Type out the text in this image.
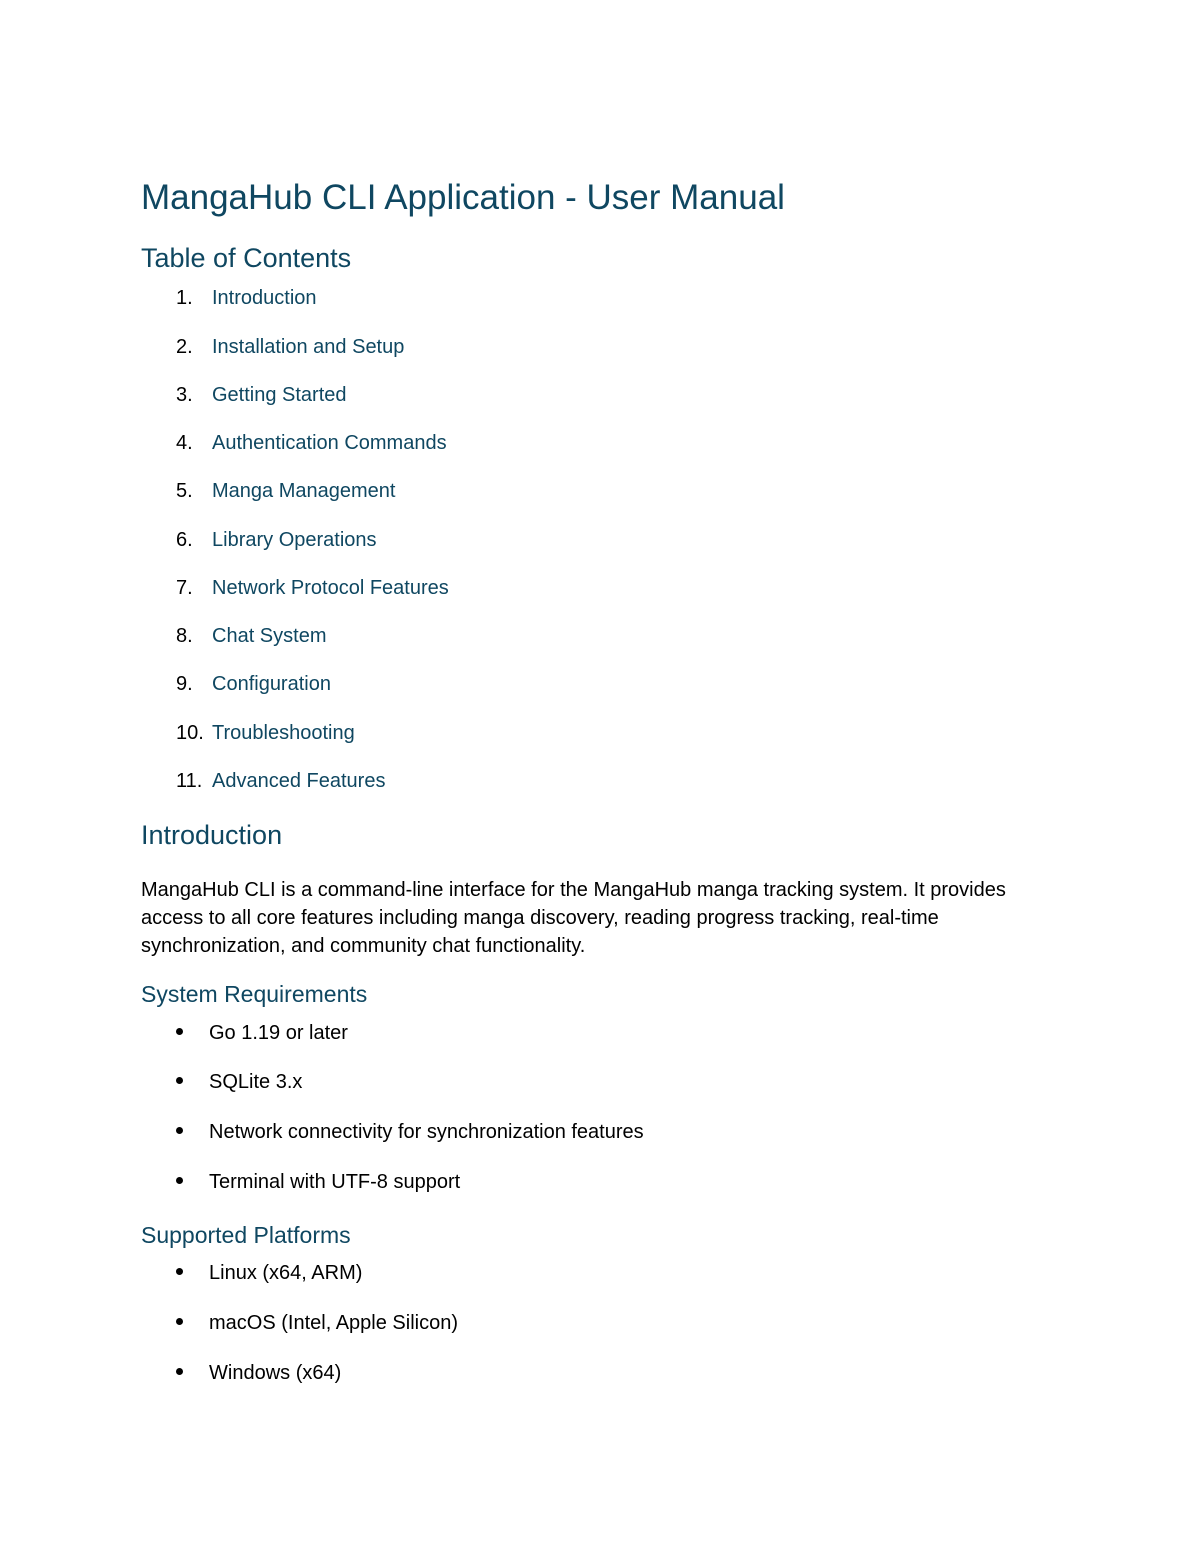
MangaHub CLI Application - User Manual
Table of Contents
1. Introduction
2. Installation and Setup
3. Getting Started
4. Authentication Commands
5. Manga Management
6. Library Operations
7. Network Protocol Features
8. Chat System
9. Configuration
10. Troubleshooting
11. Advanced Features
Introduction

MangaHub CLI is a command-line interface for the MangaHub manga tracking system. It provides access to all core features including manga discovery, reading progress tracking, real-time synchronization, and community chat functionality.

System Requirements
Go 1.19 or later
SQLite 3.x
Network connectivity for synchronization features
Terminal with UTF-8 support
Supported Platforms
Linux (x64, ARM)
macOS (Intel, Apple Silicon)
Windows (x64)
